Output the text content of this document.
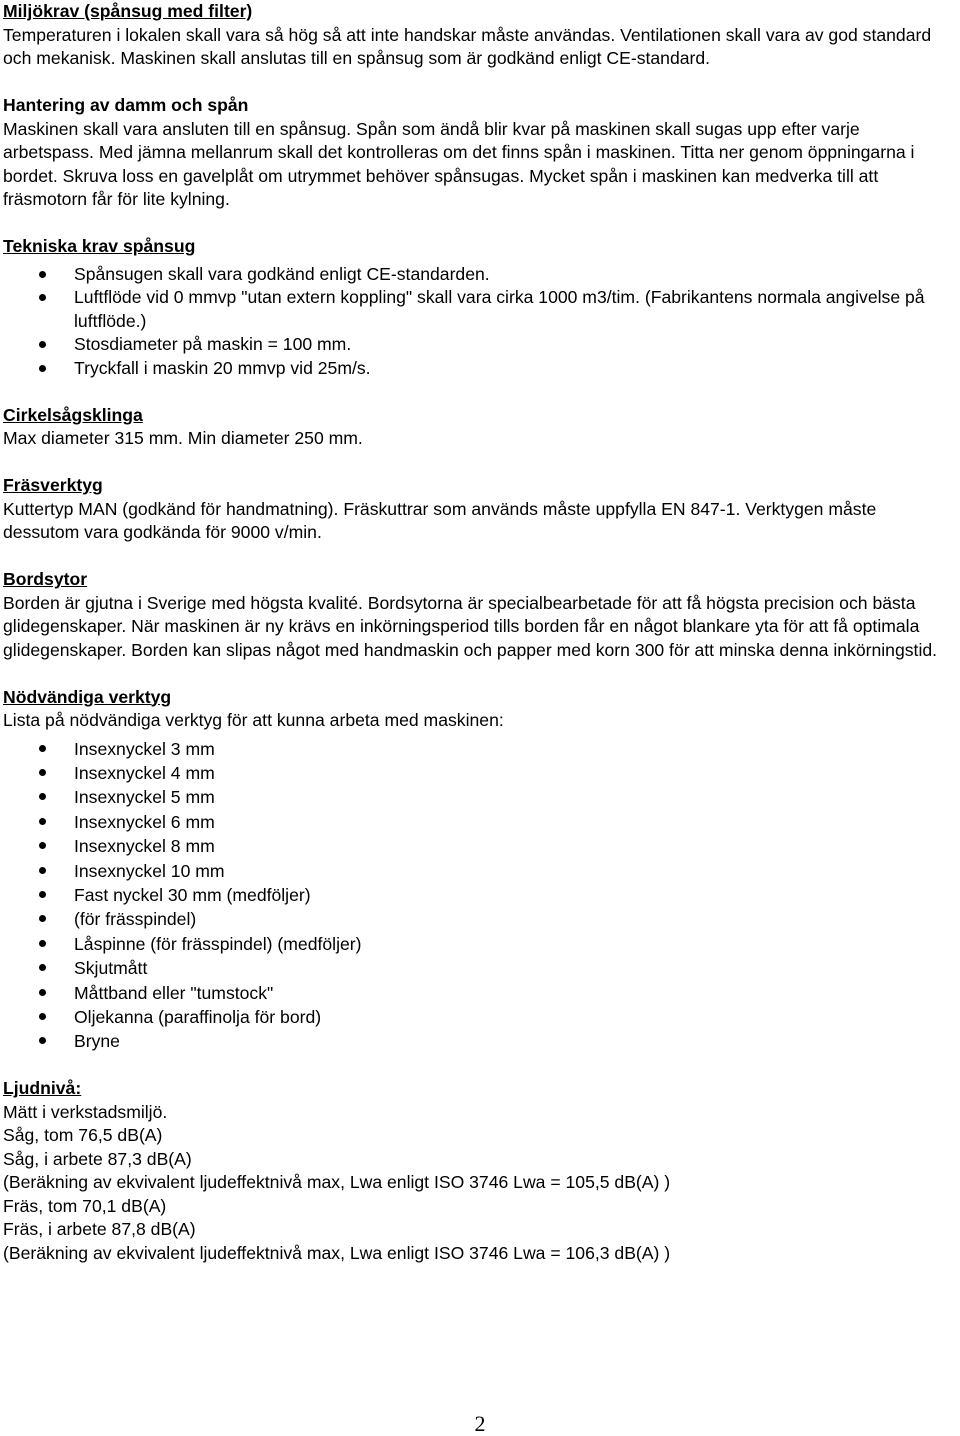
Miljökrav (spånsug med filter)
Temperaturen i lokalen skall vara så hög så att inte handskar måste användas. Ventilationen skall vara av god standard och mekanisk. Maskinen skall anslutas till en spånsug som är godkänd enligt CE-standard.
Hantering av damm och spån
Maskinen skall vara ansluten till en spånsug. Spån som ändå blir kvar på maskinen skall sugas upp efter varje arbetspass. Med jämna mellanrum skall det kontrolleras om det finns spån i maskinen. Titta ner genom öppningarna i bordet. Skruva loss en gavelplåt om utrymmet behöver spånsugas. Mycket spån i maskinen kan medverka till att fräsmotorn får för lite kylning.
Tekniska krav spånsug
Spånsugen skall vara godkänd enligt CE-standarden.
Luftflöde vid 0 mmvp "utan extern koppling" skall vara cirka 1000 m3/tim. (Fabrikantens normala angivelse på luftflöde.)
Stosdiameter på maskin = 100 mm.
Tryckfall i maskin 20 mmvp vid 25m/s.
Cirkelsågsklinga
Max diameter 315 mm. Min diameter 250 mm.
Fräsverktyg
Kuttertyp MAN (godkänd för handmatning). Fräskuttrar som används måste uppfylla EN 847-1. Verktygen måste dessutom vara godkända för 9000 v/min.
Bordsytor
Borden är gjutna i Sverige med högsta kvalité. Bordsytorna är specialbearbetade för att få högsta precision och bästa glidegenskaper. När maskinen är ny krävs en inkörningsperiod tills borden får en något blankare yta för att få optimala glidegenskaper. Borden kan slipas något med handmaskin och papper med korn 300 för att minska denna inkörningstid.
Nödvändiga verktyg
Lista på nödvändiga verktyg för att kunna arbeta med maskinen:
Insexnyckel 3 mm
Insexnyckel 4 mm
Insexnyckel 5 mm
Insexnyckel 6 mm
Insexnyckel 8 mm
Insexnyckel 10 mm
Fast nyckel 30 mm (medföljer)
(för frässpindel)
Låspinne (för frässpindel) (medföljer)
Skjutmått
Måttband eller "tumstock"
Oljekanna (paraffinolja för bord)
Bryne
Ljudnivå:
Mätt i verkstadsmiljö.
Såg, tom 76,5 dB(A)
Såg, i arbete 87,3 dB(A)
(Beräkning av ekvivalent ljudeffektnivå max, Lwa enligt ISO 3746 Lwa = 105,5 dB(A) )
Fräs, tom 70,1 dB(A)
Fräs, i arbete 87,8 dB(A)
(Beräkning av ekvivalent ljudeffektnivå max, Lwa enligt ISO 3746 Lwa = 106,3 dB(A) )
2
